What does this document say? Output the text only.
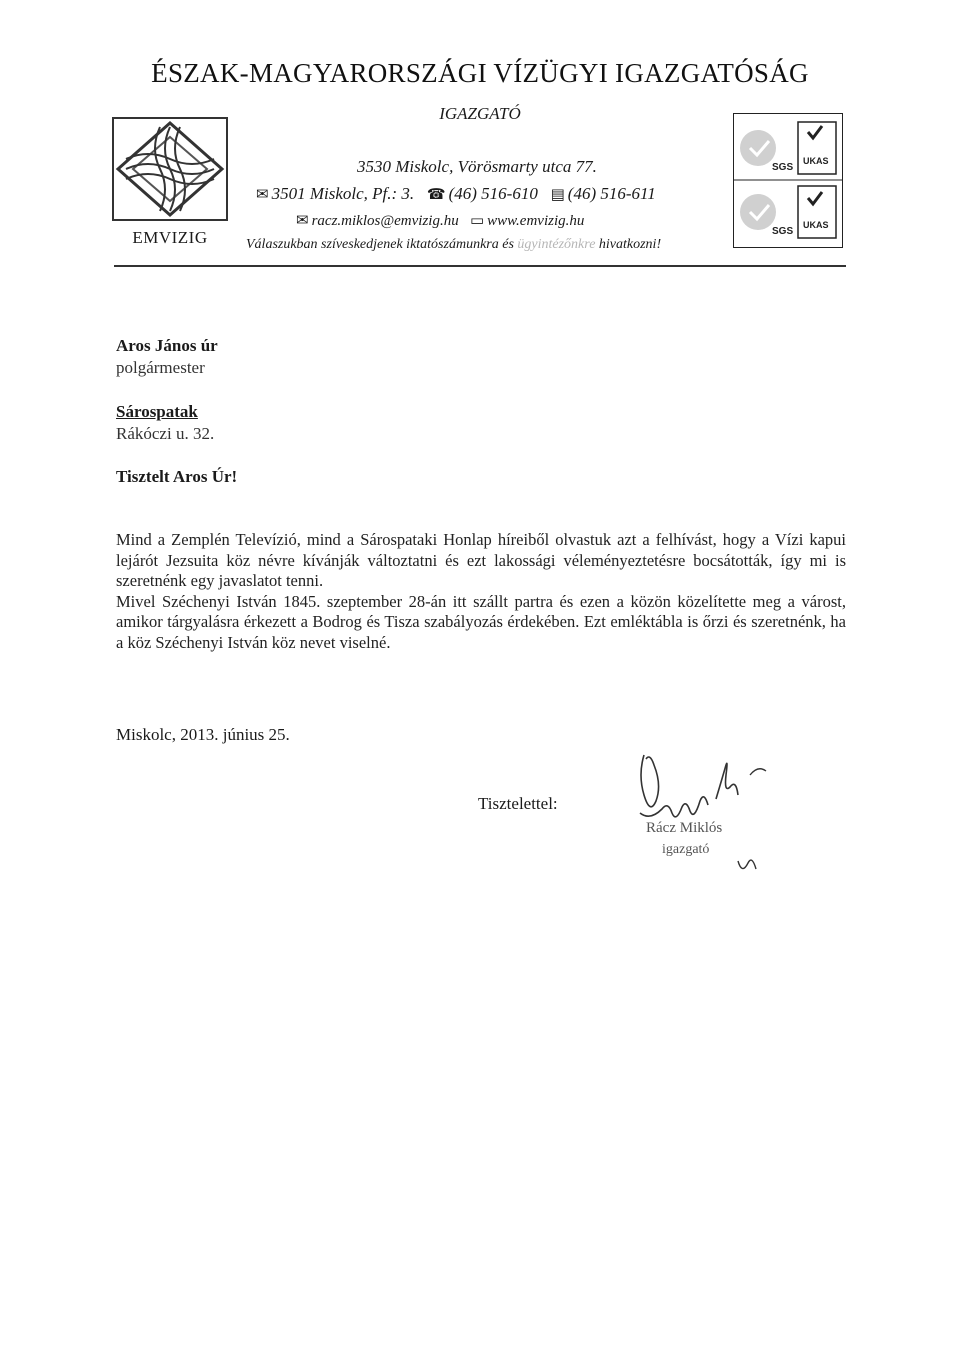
ÉSZAK-MAGYARORSZÁGI VÍZÜGYI IGAZGATÓSÁG
IGAZGATÓ
EMVIZIG
3530 Miskolc, Vörösmarty utca 77.
✉ 3501 Miskolc, Pf.: 3. ☎ (46) 516-610 ▤ (46) 516-611
✉ racz.miklos@emvizig.hu ▭ www.emvizig.hu
Válaszukban szíveskedjenek iktatószámunkra és ügyintézőnkre hivatkozni!
SGS
UKAS
SGS
UKAS
Aros János úr
polgármester
Sárospatak
Rákóczi u. 32.
Tisztelt Aros Úr!

Mind a Zemplén Televízió, mind a Sárospataki Honlap híreiből olvastuk azt a felhívást, hogy a Vízi kapui lejárót Jezsuita köz névre kívánják változtatni és ezt lakossági véleményeztetésre bocsátották, így mi is szeretnénk egy javaslatot tenni.

Mivel Széchenyi István 1845. szeptember 28-án itt szállt partra és ezen a közön közelítette meg a várost, amikor tárgyalásra érkezett a Bodrog és Tisza szabályozás érdekében. Ezt emléktábla is őrzi és szeretnénk, ha a köz Széchenyi István köz nevet viselné.

Miskolc, 2013. június 25.
Tisztelettel:
Rácz Miklós
igazgató
